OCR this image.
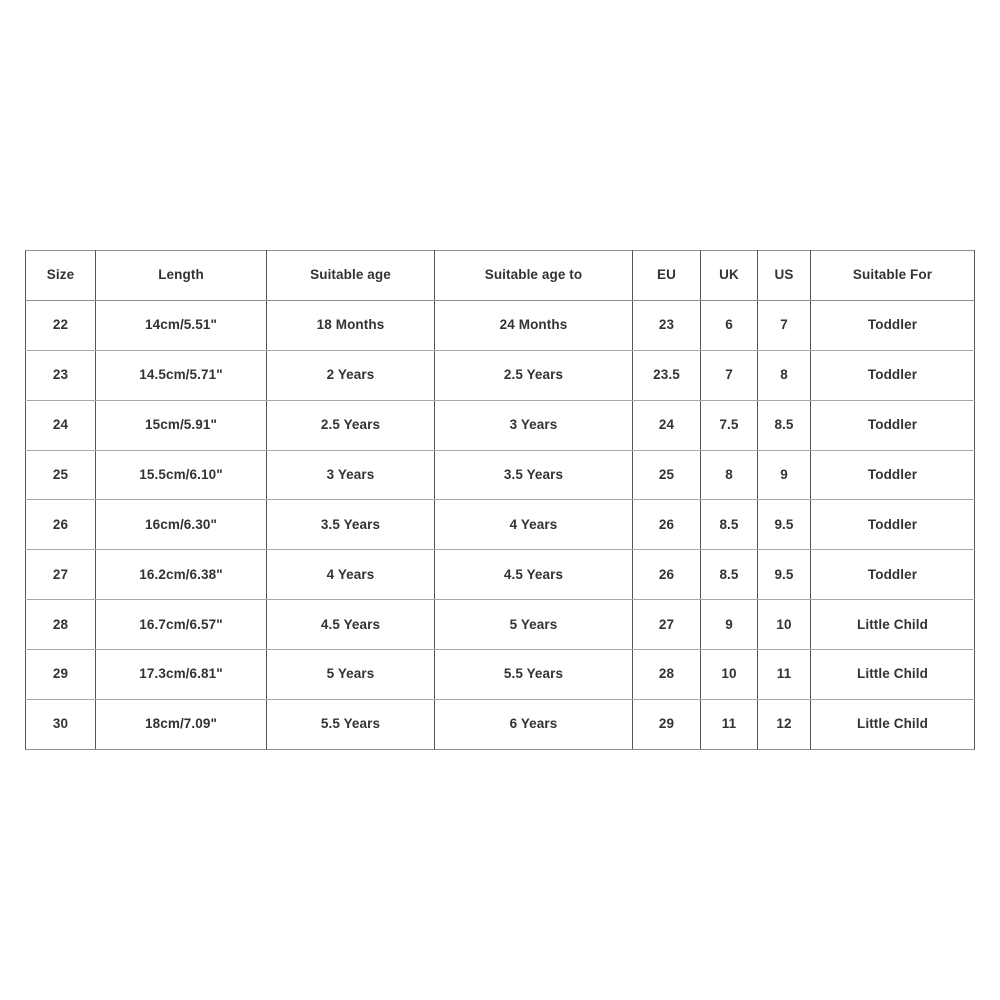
Size	Length	Suitable age	Suitable age to	EU	UK	US	Suitable For
22	14cm/5.51"	18 Months	24 Months	23	6	7	Toddler
23	14.5cm/5.71"	2 Years	2.5 Years	23.5	7	8	Toddler
24	15cm/5.91"	2.5 Years	3 Years	24	7.5	8.5	Toddler
25	15.5cm/6.10"	3 Years	3.5 Years	25	8	9	Toddler
26	16cm/6.30"	3.5 Years	4 Years	26	8.5	9.5	Toddler
27	16.2cm/6.38"	4 Years	4.5 Years	26	8.5	9.5	Toddler
28	16.7cm/6.57"	4.5 Years	5 Years	27	9	10	Little Child
29	17.3cm/6.81"	5 Years	5.5 Years	28	10	11	Little Child
30	18cm/7.09"	5.5 Years	6 Years	29	11	12	Little Child
